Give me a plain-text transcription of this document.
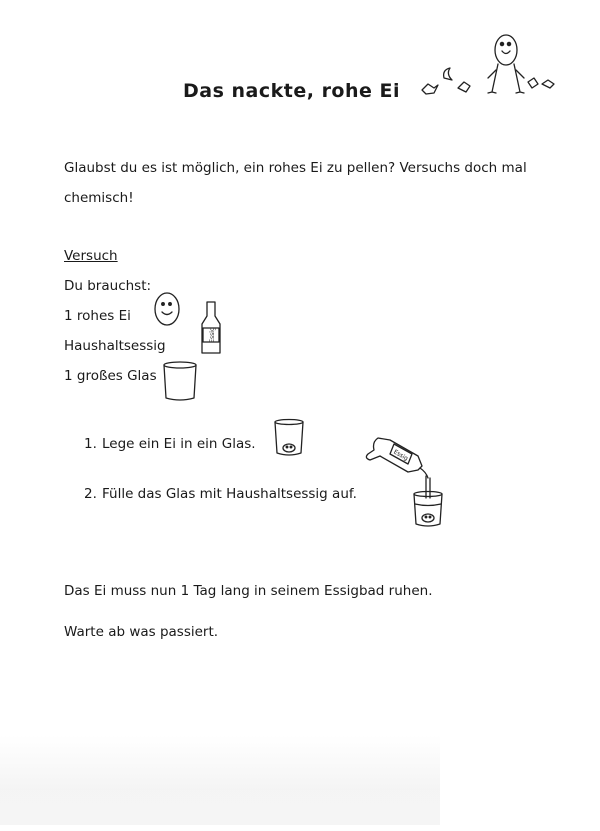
Das nackte, rohe Ei
Glaubst du es ist möglich, ein rohes Ei zu pellen? Versuchs doch mal
chemisch!
Versuch
Du brauchst:
1 rohes Ei
Haushaltsessig
1 großes Glas
Essig
1. Lege ein Ei in ein Glas.
2. Fülle das Glas mit Haushaltsessig auf.
Essig
Das Ei muss nun 1 Tag lang in seinem Essigbad ruhen.
Warte ab was passiert.
